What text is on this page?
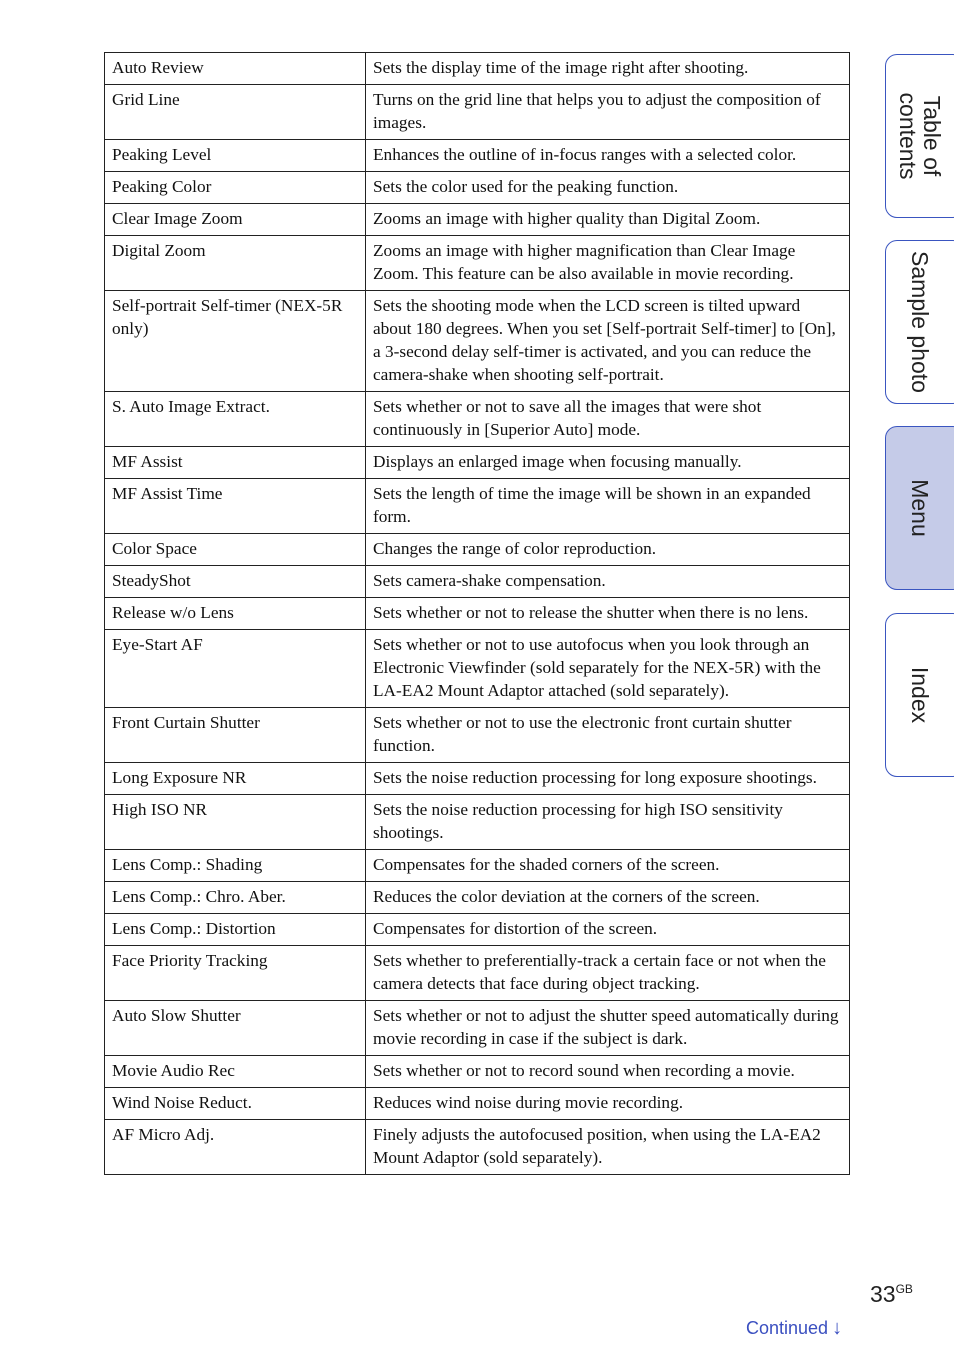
Auto Review	Sets the display time of the image right after shooting.
Grid Line	Turns on the grid line that helps you to adjust the composition of images.
Peaking Level	Enhances the outline of in-focus ranges with a selected color.
Peaking Color	Sets the color used for the peaking function.
Clear Image Zoom	Zooms an image with higher quality than Digital Zoom.
Digital Zoom	Zooms an image with higher magnification than Clear Image Zoom. This feature can be also available in movie recording.
Self-portrait Self-timer (NEX-5R only)	Sets the shooting mode when the LCD screen is tilted upward about 180 degrees. When you set [Self-portrait Self-timer] to [On], a 3-second delay self-timer is activated, and you can reduce the camera-shake when shooting self-portrait.
S. Auto Image Extract.	Sets whether or not to save all the images that were shot continuously in [Superior Auto] mode.
MF Assist	Displays an enlarged image when focusing manually.
MF Assist Time	Sets the length of time the image will be shown in an expanded form.
Color Space	Changes the range of color reproduction.
SteadyShot	Sets camera-shake compensation.
Release w/o Lens	Sets whether or not to release the shutter when there is no lens.
Eye-Start AF	Sets whether or not to use autofocus when you look through an Electronic Viewfinder (sold separately for the NEX-5R) with the LA-EA2 Mount Adaptor attached (sold separately).
Front Curtain Shutter	Sets whether or not to use the electronic front curtain shutter function.
Long Exposure NR	Sets the noise reduction processing for long exposure shootings.
High ISO NR	Sets the noise reduction processing for high ISO sensitivity shootings.
Lens Comp.: Shading	Compensates for the shaded corners of the screen.
Lens Comp.: Chro. Aber.	Reduces the color deviation at the corners of the screen.
Lens Comp.: Distortion	Compensates for distortion of the screen.
Face Priority Tracking	Sets whether to preferentially-track a certain face or not when the camera detects that face during object tracking.
Auto Slow Shutter	Sets whether or not to adjust the shutter speed automatically during movie recording in case if the subject is dark.
Movie Audio Rec	Sets whether or not to record sound when recording a movie.
Wind Noise Reduct.	Reduces wind noise during movie recording.
AF Micro Adj.	Finely adjusts the autofocused position, when using the LA-EA2 Mount Adaptor (sold separately).
Table of
contents
Sample photo
Menu
Index
$33^{GB}$
Continued ↓
